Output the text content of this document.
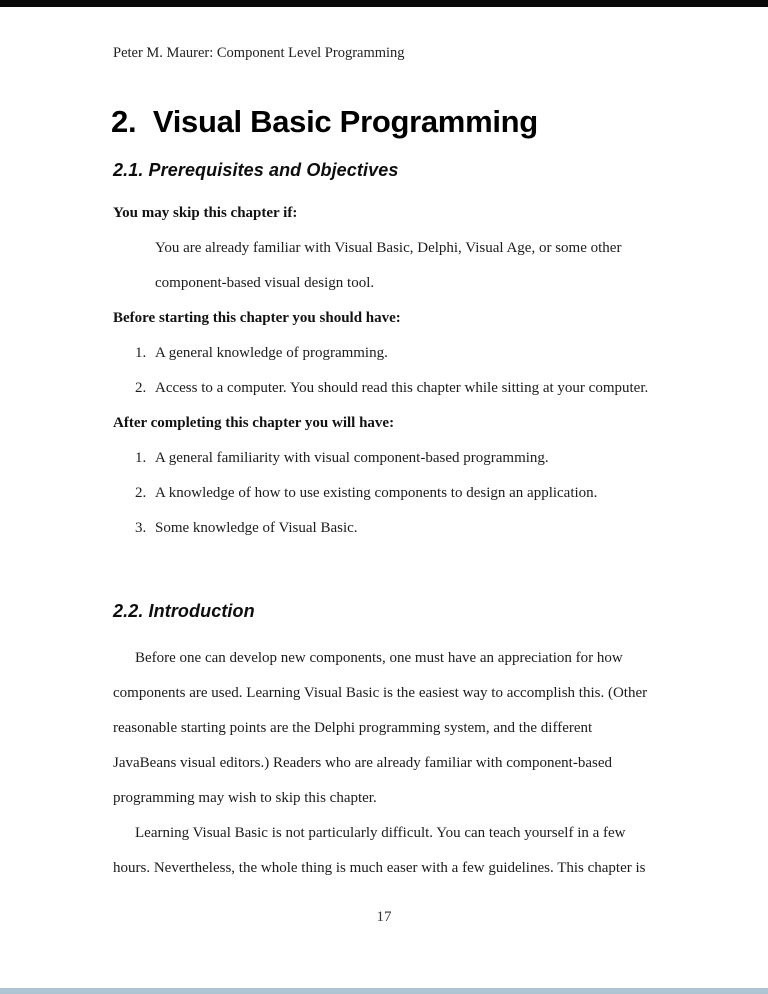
Peter M. Maurer: Component Level Programming
2.  Visual Basic Programming
2.1. Prerequisites and Objectives

You may skip this chapter if:

You are already familiar with Visual Basic, Delphi, Visual Age, or some other component-based visual design tool.

Before starting this chapter you should have:

1. A general knowledge of programming.
2. Access to a computer. You should read this chapter while sitting at your computer.

After completing this chapter you will have:

1. A general familiarity with visual component-based programming.
2. A knowledge of how to use existing components to design an application.
3. Some knowledge of Visual Basic.
2.2. Introduction

Before one can develop new components, one must have an appreciation for how components are used. Learning Visual Basic is the easiest way to accomplish this. (Other reasonable starting points are the Delphi programming system, and the different JavaBeans visual editors.) Readers who are already familiar with component-based programming may wish to skip this chapter.

Learning Visual Basic is not particularly difficult. You can teach yourself in a few hours. Nevertheless, the whole thing is much easer with a few guidelines. This chapter is

17
